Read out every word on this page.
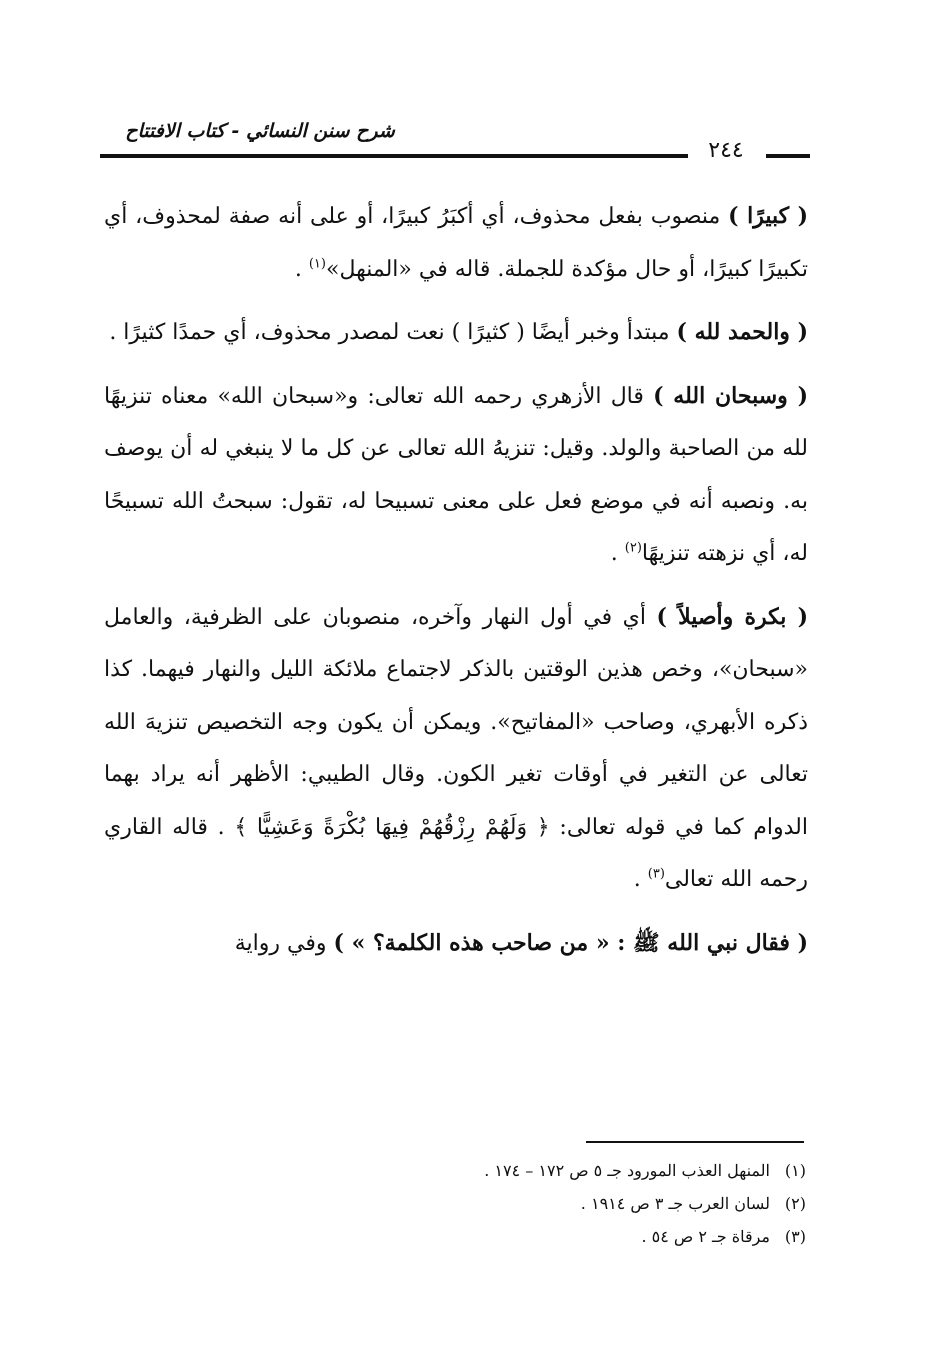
شرح سنن النسائي - كتاب الافتتاح
٢٤٤

( كبيرًا ) منصوب بفعل محذوف، أي أكبَرُ كبيرًا، أو على أنه صفة لمحذوف، أي تكبيرًا كبيرًا، أو حال مؤكدة للجملة. قاله في «المنهل»$^{(١)}$ .

( والحمد لله ) مبتدأ وخبر أيضًا ( كثيرًا ) نعت لمصدر محذوف، أي حمدًا كثيرًا .

( وسبحان الله ) قال الأزهري رحمه الله تعالى: و«سبحان الله» معناه تنزيهًا لله من الصاحبة والولد. وقيل: تنزيهُ الله تعالى عن كل ما لا ينبغي له أن يوصف به. ونصبه أنه في موضع فعل على معنى تسبيحا له، تقول: سبحتُ الله تسبيحًا له، أي نزهته تنزيهًا$^{(٢)}$ .

( بكرة وأصيلاً ) أي في أول النهار وآخره، منصوبان على الظرفية، والعامل «سبحان»، وخص هذين الوقتين بالذكر لاجتماع ملائكة الليل والنهار فيهما. كذا ذكره الأبهري، وصاحب «المفاتيح». ويمكن أن يكون وجه التخصيص تنزيهَ الله تعالى عن التغير في أوقات تغير الكون. وقال الطيبي: الأظهر أنه يراد بهما الدوام كما في قوله تعالى: ﴿ وَلَهُمْ رِزْقُهُمْ فِيهَا بُكْرَةً وَعَشِيًّا ﴾ . قاله القاري رحمه الله تعالى$^{(٣)}$ .

( فقال نبي الله ﷺ : « من صاحب هذه الكلمة؟ » ) وفي رواية

(١)المنهل العذب المورود جـ ٥ ص ١٧٢ – ١٧٤ .
(٢)لسان العرب جـ ٣ ص ١٩١٤ .
(٣)مرقاة جـ ٢ ص ٥٤ .
